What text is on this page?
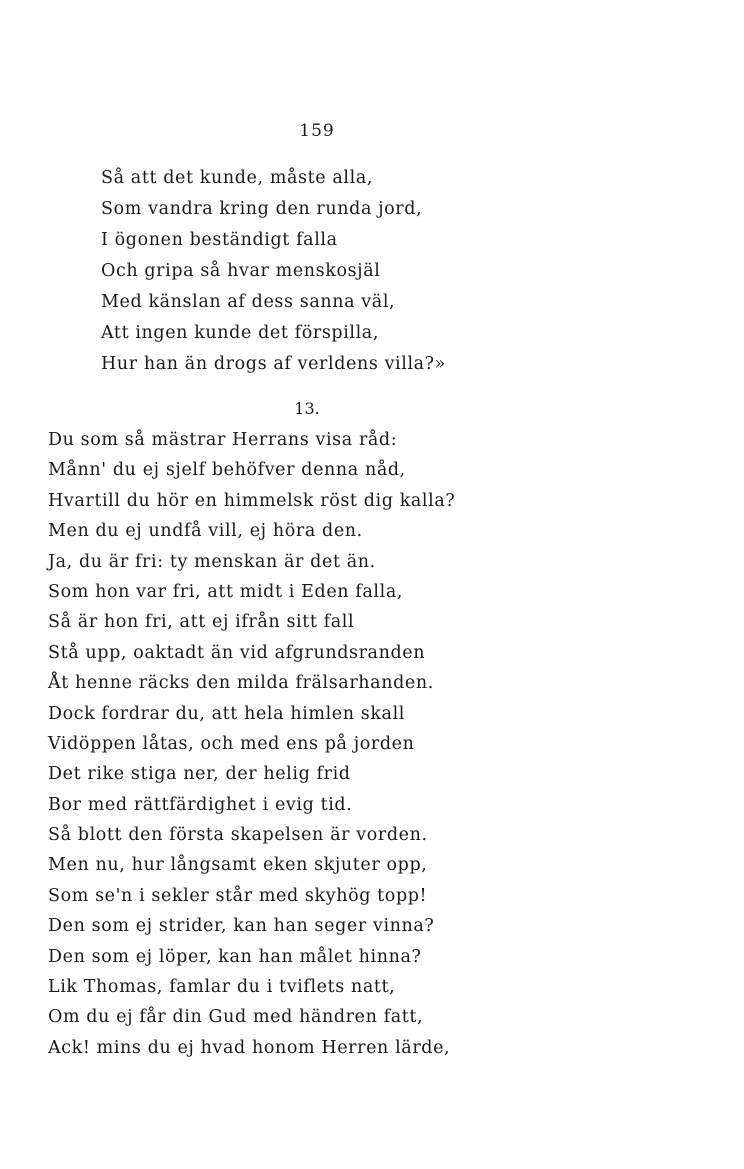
159
Så att det kunde, måste alla,
Som vandra kring den runda jord,
I ögonen beständigt falla
Och gripa så hvar menskosjäl
Med känslan af dess sanna väl,
Att ingen kunde det förspilla,
Hur han än drogs af verldens villa?»
13.
Du som så mästrar Herrans visa råd:
Månn' du ej sjelf behöfver denna nåd,
Hvartill du hör en himmelsk röst dig kalla?
Men du ej undfå vill, ej höra den.
Ja, du är fri: ty menskan är det än.
Som hon var fri, att midt i Eden falla,
Så är hon fri, att ej ifrån sitt fall
Stå upp, oaktadt än vid afgrundsranden
Åt henne räcks den milda frälsarhanden.
Dock fordrar du, att hela himlen skall
Vidöppen låtas, och med ens på jorden
Det rike stiga ner, der helig frid
Bor med rättfärdighet i evig tid.
Så blott den första skapelsen är vorden.
Men nu, hur långsamt eken skjuter opp,
Som se'n i sekler står med skyhög topp!
Den som ej strider, kan han seger vinna?
Den som ej löper, kan han målet hinna?
Lik Thomas, famlar du i tviflets natt,
Om du ej får din Gud med händren fatt,
Ack! mins du ej hvad honom Herren lärde,
